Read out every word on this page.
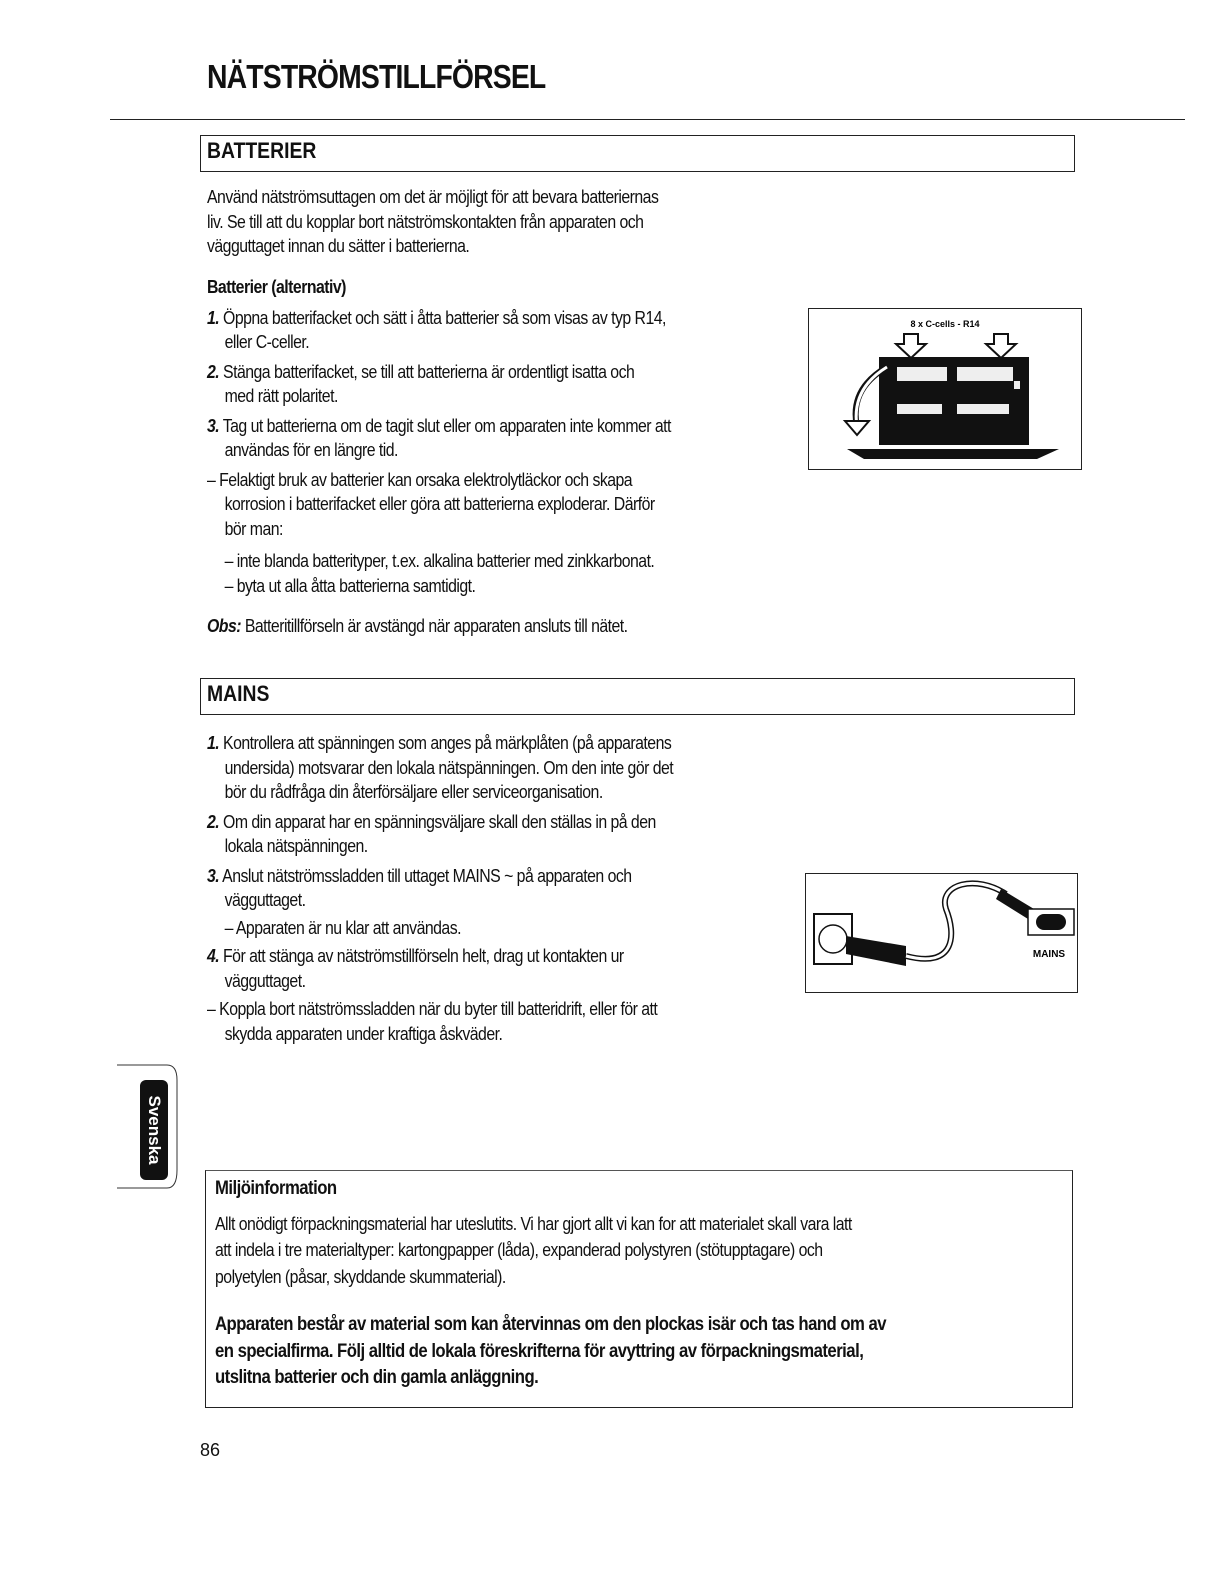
NÄTSTRÖMSTILLFÖRSEL
BATTERIER
Använd nätströmsuttagen om det är möjligt för att bevara batteriernas
liv. Se till att du kopplar bort nätströmskontakten från apparaten och
vägguttaget innan du sätter i batterierna.
Batterier (alternativ)
1. Öppna batterifacket och sätt i åtta batterier så som visas av typ R14,
eller C-celler.
2. Stänga batterifacket, se till att batterierna är ordentligt isatta och
med rätt polaritet.
3. Tag ut batterierna om de tagit slut eller om apparaten inte kommer att
användas för en längre tid.
– Felaktigt bruk av batterier kan orsaka elektrolytläckor och skapa
korrosion i batterifacket eller göra att batterierna exploderar. Därför
bör man:
– inte blanda batterityper, t.ex. alkalina batterier med zinkkarbonat.
– byta ut alla åtta batterierna samtidigt.
Obs: Batteritillförseln är avstängd när apparaten ansluts till nätet.
8 x C-cells - R14
MAINS
1. Kontrollera att spänningen som anges på märkplåten (på apparatens
undersida) motsvarar den lokala nätspänningen. Om den inte gör det
bör du rådfråga din återförsäljare eller serviceorganisation.
2. Om din apparat har en spänningsväljare skall den ställas in på den
lokala nätspänningen.
3. Anslut nätströmssladden till uttaget MAINS ~ på apparaten och
vägguttaget.
– Apparaten är nu klar att användas.
4. För att stänga av nätströmstillförseln helt, drag ut kontakten ur
vägguttaget.
– Koppla bort nätströmssladden när du byter till batteridrift, eller för att
skydda apparaten under kraftiga åskväder.
MAINS
Svenska
Miljöinformation
Allt onödigt förpackningsmaterial har uteslutits. Vi har gjort allt vi kan for att materialet skall vara latt
att indela i tre materialtyper: kartongpapper (låda), expanderad polystyren (stötupptagare) och
polyetylen (påsar, skyddande skummaterial).
Apparaten består av material som kan återvinnas om den plockas isär och tas hand om av
en specialfirma. Följ alltid de lokala föreskrifterna för avyttring av förpackningsmaterial,
utslitna batterier och din gamla anläggning.
86
